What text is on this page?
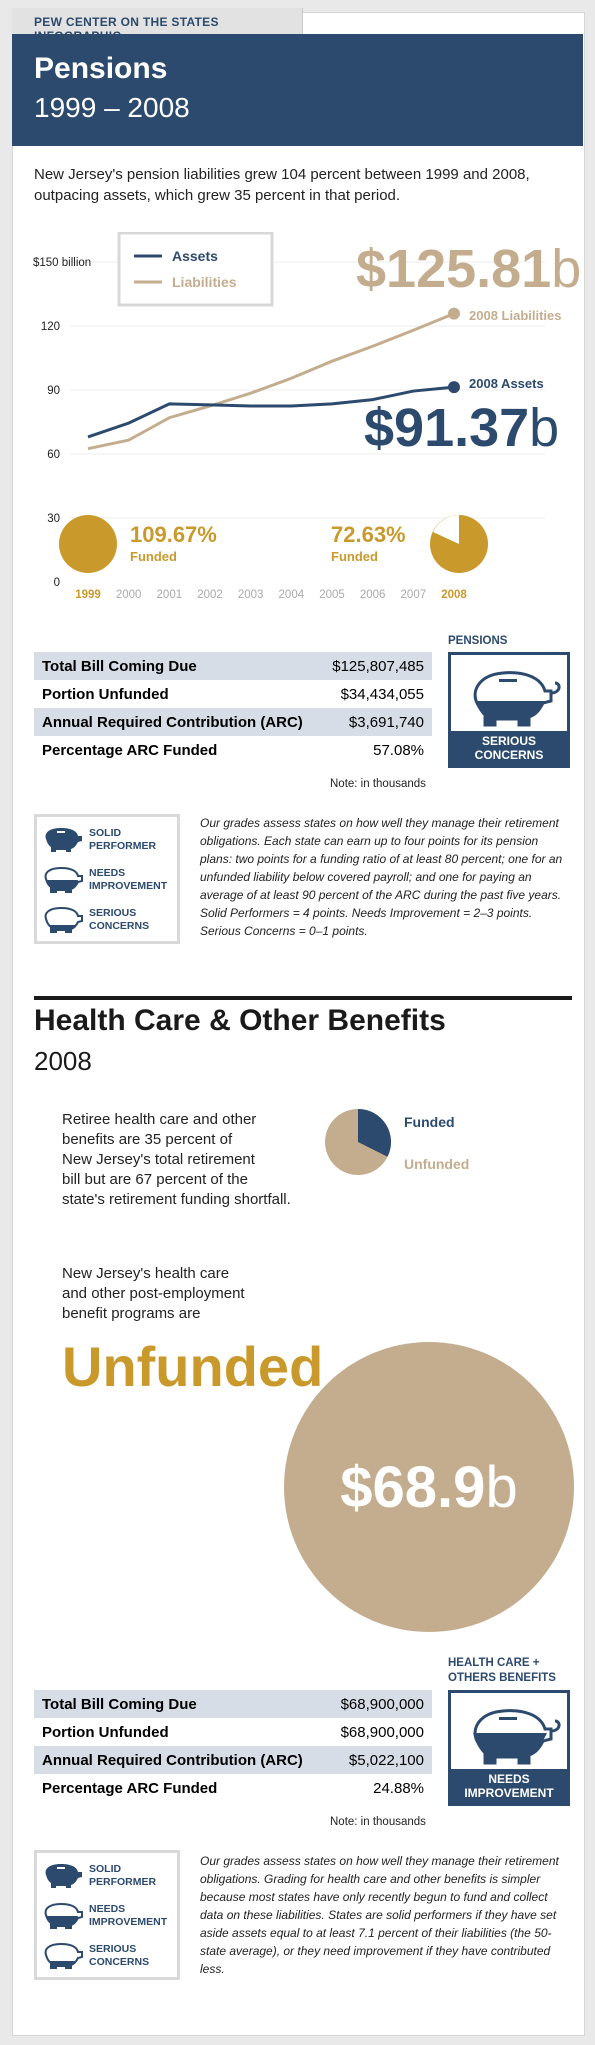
PEW CENTER ON THE STATES INFOGRAPHIC
Pensions
1999 – 2008
New Jersey's pension liabilities grew 104 percent between 1999 and 2008, outpacing assets, which grew 35 percent in that period.
0
30
60
90
120
$150 billion
1999 2000 2001 2002 2003 2004 2005 2006 2007 2008
Assets
Liabilities $125.81b
2008 Liabilities
2008 Assets
$91.37b
109.67%
Funded
72.63%
Funded
Total Bill Coming Due	$125,807,485
Portion Unfunded	$34,434,055
Annual Required Contribution (ARC)	$3,691,740
Percentage ARC Funded	57.08%
Note: in thousands
PENSIONS
SERIOUS
CONCERNS
SOLID
PERFORMER
NEEDS
IMPROVEMENT
SERIOUS
CONCERNS
Our grades assess states on how well they manage their retirement obligations. Each state can earn up to four points for its pension plans: two points for a funding ratio of at least 80 percent; one for an unfunded liability below covered payroll; and one for paying an average of at least 90 percent of the ARC during the past five years. Solid Performers = 4 points. Needs Improvement = 2–3 points. Serious Concerns = 0–1 points.
Health Care & Other Benefits
2008
Retiree health care and other
benefits are 35 percent of
New Jersey's total retirement
bill but are 67 percent of the
state's retirement funding shortfall.
Funded
Unfunded
New Jersey's health care
and other post-employment
benefit programs are
Unfunded
$68.9b
Total Bill Coming Due	$68,900,000
Portion Unfunded	$68,900,000
Annual Required Contribution (ARC)	$5,022,100
Percentage ARC Funded	24.88%
Note: in thousands
HEALTH CARE +
OTHERS BENEFITS
NEEDS
IMPROVEMENT
SOLID
PERFORMER
NEEDS
IMPROVEMENT
SERIOUS
CONCERNS
Our grades assess states on how well they manage their retirement obligations. Grading for health care and other benefits is simpler because most states have only recently begun to fund and collect data on these liabilities. States are solid performers if they have set aside assets equal to at least 7.1 percent of their liabilities (the 50-state average), or they need improvement if they have contributed less.
